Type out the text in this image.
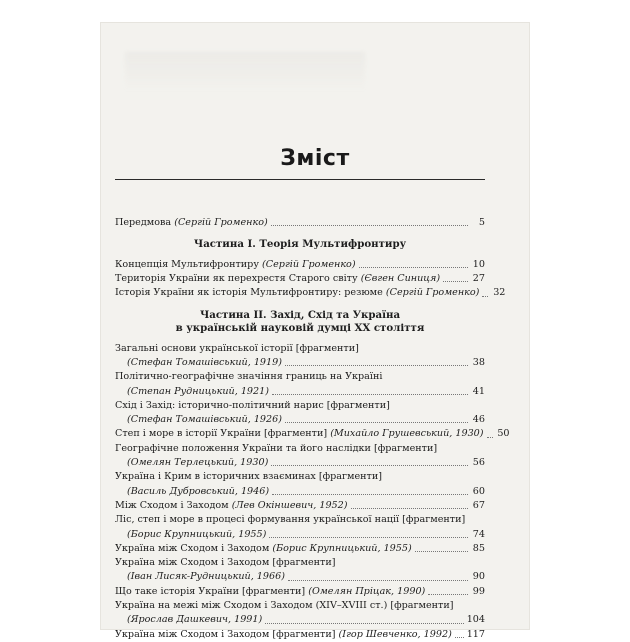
Зміст
Передмова (Сергій Громенко)	5
Частина І. Теорія Мультифронтиру
Концепція Мультифронтиру (Сергій Громенко)	10
Територія України як перехрестя Старого світу (Євген Синиця)	27
Історія України як історія Мультифронтиру: резюме (Сергій Громенко) 32
Частина ІІ. Захід, Схід та Україна
в українській науковій думці ХХ століття
Загальні основи української історії [фрагменти]
(Стефан Томашівський, 1919)	38
Політично-географічне значіння границь на Україні
(Степан Рудницький, 1921)	41
Схід і Захід: історично-політичний нарис [фрагменти]
(Стефан Томашівський, 1926)	46
Степ і море в історії України [фрагменти] (Михайло Грушевський, 1930) 50
Географічне положення України та його наслідки [фрагменти]
(Омелян Терлецький, 1930)	56
Україна і Крим в історичних взаєминах [фрагменти]
(Василь Дубровський, 1946)	60
Між Сходом і Заходом (Лев Окіншевич, 1952)	67
Ліс, степ і море в процесі формування української нації [фрагменти]
(Борис Крупницький, 1955)	74
Україна між Сходом і Заходом (Борис Крупницький, 1955)	85
Україна між Сходом і Заходом [фрагменти]
(Іван Лисяк-Рудницький, 1966)	90
Що таке історія України [фрагменти] (Омелян Пріцак, 1990)	99
Україна на межі між Сходом і Заходом (XIV–XVIII ст.) [фрагменти]
(Ярослав Дашкевич, 1991)	104
Україна між Сходом і Заходом [фрагменти] (Ігор Шевченко, 1992) 117
